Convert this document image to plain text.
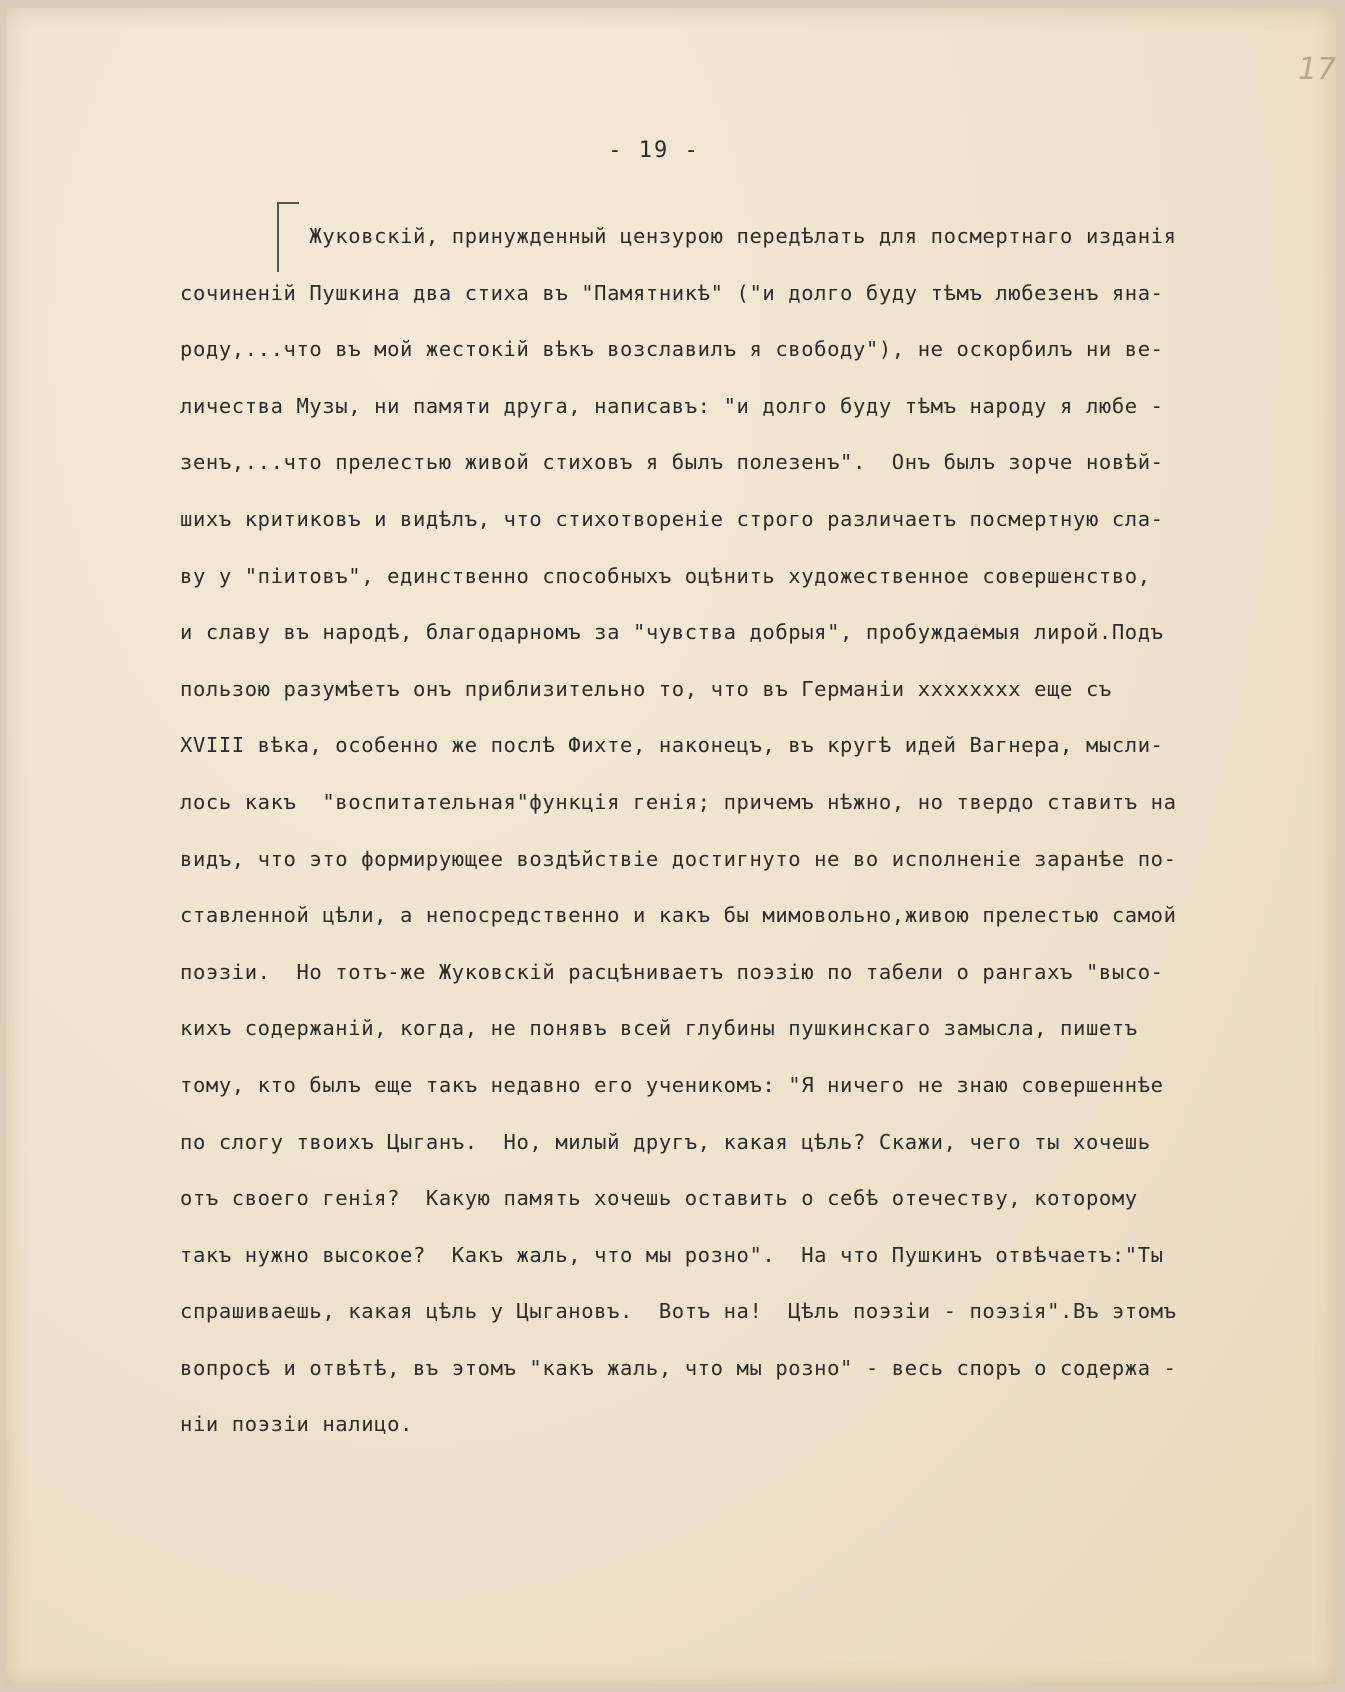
17
- 19 -
Жуковскiй, принужденный цензурою передѣлать для посмертнаго изданiя
сочиненiй Пушкина два стиха въ "Памятникѣ" ("и долго буду тѣмъ любезенъ яна-
роду,...что въ мой жестокiй вѣкъ возславилъ я свободу"), не оскорбилъ ни ве-
личества Музы, ни памяти друга, написавъ: "и долго буду тѣмъ народу я любе -
зенъ,...что прелестью живой стиховъ я былъ полезенъ".  Онъ былъ зорче новѣй-
шихъ критиковъ и видѣлъ, что стихотворенiе строго различаетъ посмертную сла-
ву у "пiитовъ", единственно способныхъ оцѣнить художественное совершенство,
и славу въ народѣ, благодарномъ за "чувства добрыя", пробуждаемыя лирой.Подъ
пользою разумѣетъ онъ приблизительно то, что въ Германiи хххххххх еще съ
XVIII вѣка, особенно же послѣ Фихте, наконецъ, въ кругѣ идей Вагнера, мысли-
лось какъ  "воспитательная"функцiя генiя; причемъ нѣжно, но твердо ставитъ на
видъ, что это формирующее воздѣйствiе достигнуто не во исполненiе заранѣе по-
ставленной цѣли, а непосредственно и какъ бы мимовольно,живою прелестью самой
поэзiи.  Но тотъ-же Жуковскiй расцѣниваетъ поэзiю по табели о рангахъ "высо-
кихъ содержанiй, когда, не понявъ всей глубины пушкинскаго замысла, пишетъ
тому, кто былъ еще такъ недавно его ученикомъ: "Я ничего не знаю совершеннѣе
по слогу твоихъ Цыганъ.  Но, милый другъ, какая цѣль? Скажи, чего ты хочешь
отъ своего генiя?  Какую память хочешь оставить о себѣ отечеству, которому
такъ нужно высокое?  Какъ жаль, что мы розно".  На что Пушкинъ отвѣчаетъ:"Ты
спрашиваешь, какая цѣль у Цыгановъ.  Вотъ на!  Цѣль поэзiи - поэзiя".Въ этомъ
вопросѣ и отвѣтѣ, въ этомъ "какъ жаль, что мы розно" - весь споръ о содержа -
нiи поэзiи налицо.
